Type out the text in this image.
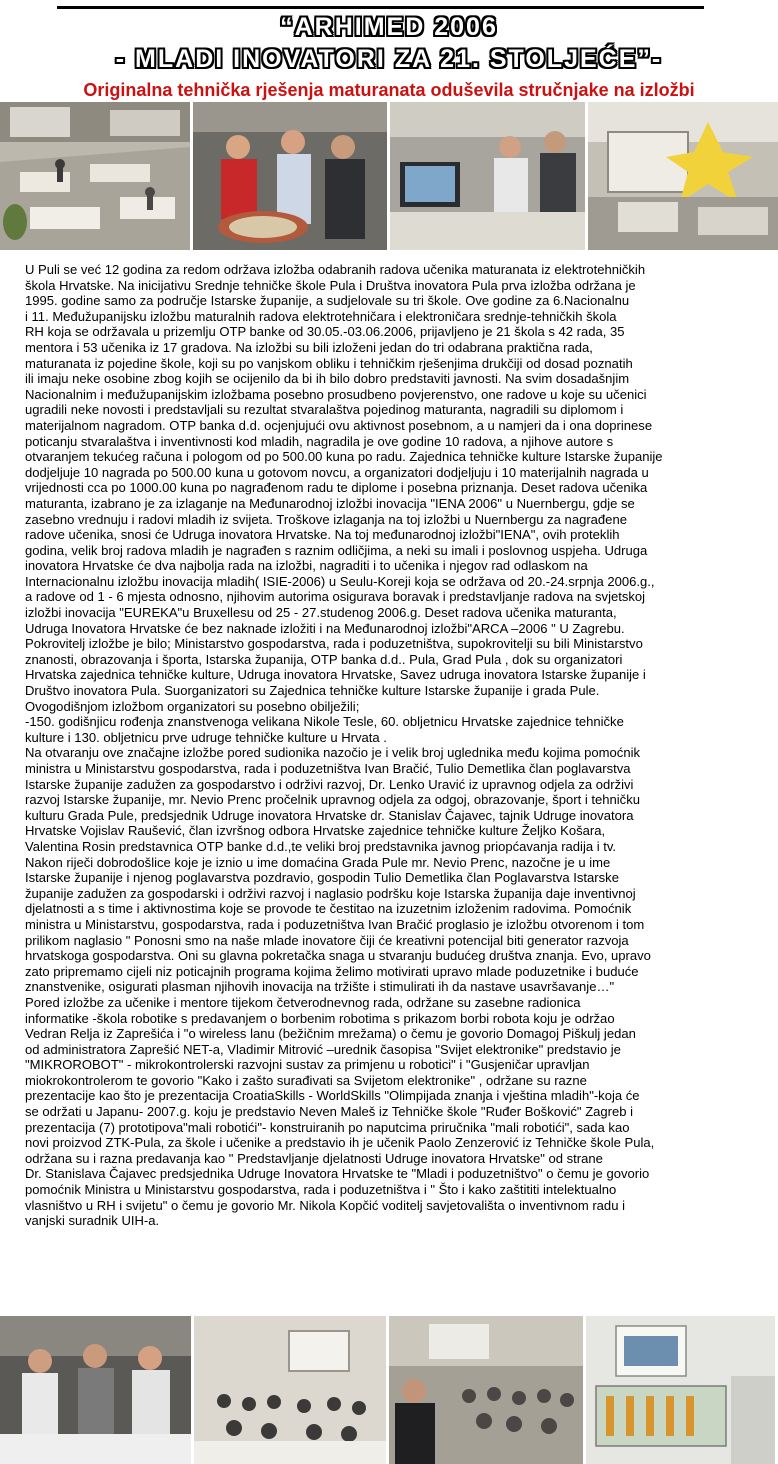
“ARHIMED 2006
- MLADI INOVATORI ZA 21. STOLJEĆE”-
Originalna tehnička rješenja maturanata oduševila stručnjake na izložbi

U Puli se već 12 godina za redom održava izložba odabranih radova učenika maturanata iz elektrotehničkih

škola Hrvatske. Na inicijativu Srednje tehničke škole Pula i Društva inovatora Pula prva izložba održana je

1995. godine samo za područje Istarske županije, a sudjelovale su tri škole. Ove godine za 6.Nacionalnu

i 11. Međužupanijsku izložbu maturalnih radova elektrotehničara i elektroničara srednje-tehničkih škola

RH koja se održavala u prizemlju OTP banke od 30.05.-03.06.2006, prijavljeno je 21 škola s 42 rada, 35

mentora i 53 učenika iz 17 gradova. Na izložbi su bili izloženi jedan do tri odabrana praktična rada,

maturanata iz pojedine škole, koji su po vanjskom obliku i tehničkim rješenjima drukčiji od dosad poznatih

ili imaju neke osobine zbog kojih se ocijenilo da bi ih bilo dobro predstaviti javnosti. Na svim dosadašnjim

Nacionalnim i međužupanijskim izložbama posebno prosudbeno povjerenstvo, one radove u koje su učenici

ugradili neke novosti i predstavljali su rezultat stvaralaštva pojedinog maturanta, nagradili su diplomom i

materijalnom nagradom. OTP banka d.d. ocjenjujući ovu aktivnost posebnom, a u namjeri da i ona doprinese

poticanju stvaralaštva i inventivnosti kod mladih, nagradila je ove godine 10 radova, a njihove autore s

otvaranjem tekućeg računa i pologom od po 500.00 kuna po radu. Zajednica tehničke kulture Istarske županije

dodjeljuje 10 nagrada po 500.00 kuna u gotovom novcu, a organizatori dodjeljuju i 10 materijalnih nagrada u

vrijednosti cca po 1000.00 kuna po nagrađenom radu te diplome i posebna priznanja. Deset radova učenika

maturanta, izabrano je za izlaganje na Međunarodnoj izložbi inovacija "IENA 2006" u Nuernbergu, gdje se

zasebno vrednuju i radovi mladih iz svijeta. Troškove izlaganja na toj izložbi u Nuernbergu za nagrađene

radove učenika, snosi će Udruga inovatora Hrvatske. Na toj međunarodnoj izložbi"IENA", ovih proteklih

godina, velik broj radova mladih je nagrađen s raznim odličjima, a neki su imali i poslovnog uspjeha. Udruga

inovatora Hrvatske će dva najbolja rada na izložbi, nagraditi i to učenika i njegov rad odlaskom na

Internacionalnu izložbu inovacija mladih( ISIE-2006) u Seulu-Koreji koja se održava od 20.-24.srpnja 2006.g.,

a radove od 1 - 6 mjesta odnosno, njihovim autorima osigurava boravak i predstavljanje radova na svjetskoj

izložbi inovacija "EUREKA"u Bruxellesu od 25 - 27.studenog 2006.g. Deset radova učenika maturanta,

Udruga Inovatora Hrvatske će bez naknade izložiti i na Međunarodnoj izložbi"ARCA –2006 " U Zagrebu.

Pokrovitelj izložbe je bilo; Ministarstvo gospodarstva, rada i poduzetništva, supokrovitelji su bili Ministarstvo

znanosti, obrazovanja i športa, Istarska županija, OTP banka d.d.. Pula, Grad Pula , dok su organizatori

Hrvatska zajednica tehničke kulture, Udruga inovatora Hrvatske, Savez udruga inovatora Istarske županije i

Društvo inovatora Pula. Suorganizatori su Zajednica tehničke kulture Istarske županije i grada Pule.

Ovogodišnjom izložbom organizatori su posebno obilježili;

-150. godišnjicu rođenja znanstvenoga velikana Nikole Tesle, 60. obljetnicu Hrvatske zajednice tehničke

kulture i 130. obljetnicu prve udruge tehničke kulture u Hrvata .

Na otvaranju ove značajne izložbe pored sudionika nazočio je i velik broj uglednika među kojima pomoćnik

ministra u Ministarstvu gospodarstva, rada i poduzetništva Ivan Bračić, Tulio Demetlika član poglavarstva

Istarske županije zadužen za gospodarstvo i održivi razvoj, Dr. Lenko Uravić iz upravnog odjela za održivi

razvoj Istarske županije, mr. Nevio Prenc pročelnik upravnog odjela za odgoj, obrazovanje, šport i tehničku

kulturu Grada Pule, predsjednik Udruge inovatora Hrvatske dr. Stanislav Čajavec, tajnik Udruge inovatora

Hrvatske Vojislav Raušević, član izvršnog odbora Hrvatske zajednice tehničke kulture Željko Košara,

Valentina Rosin predstavnica OTP banke d.d.,te veliki broj predstavnika javnog priopćavanja radija i tv.

Nakon riječi dobrodošlice koje je iznio u ime domaćina Grada Pule mr. Nevio Prenc, nazočne je u ime

Istarske županije i njenog poglavarstva pozdravio, gospodin Tulio Demetlika član Poglavarstva Istarske

županije zadužen za gospodarski i održivi razvoj i naglasio podršku koje Istarska županija daje inventivnoj

djelatnosti a s time i aktivnostima koje se provode te čestitao na izuzetnim izloženim radovima. Pomoćnik

ministra u Ministarstvu, gospodarstva, rada i poduzetništva Ivan Bračić proglasio je izložbu otvorenom i tom

prilikom naglasio " Ponosni smo na naše mlade inovatore čiji će kreativni potencijal biti generator razvoja

hrvatskoga gospodarstva. Oni su glavna pokretačka snaga u stvaranju budućeg društva znanja. Evo, upravo

zato pripremamo cijeli niz poticajnih programa kojima želimo motivirati upravo mlade poduzetnike i buduće

znanstvenike, osigurati plasman njihovih inovacija na tržište i stimulirati ih da nastave usavršavanje…"

Pored izložbe za učenike i mentore tijekom četverodnevnog rada, održane su zasebne radionica

informatike -škola robotike s predavanjem o borbenim robotima s prikazom borbi robota koju je održao

Vedran Relja iz Zaprešića i "o wireless lanu (bežičnim mrežama) o čemu je govorio Domagoj Piškulj jedan

od administratora Zaprešić NET-a, Vladimir Mitrović –urednik časopisa "Svijet elektronike" predstavio je

"MIKROROBOT" - mikrokontrolerski razvojni sustav za primjenu u robotici" i "Gusjeničar upravljan

miokrokontrolerom te govorio "Kako i zašto surađivati sa Svijetom elektronike" , održane su razne

prezentacije kao što je prezentacija CroatiaSkills - WorldSkills "Olimpijada znanja i vještina mladih"-koja će

se održati u Japanu- 2007.g. koju je predstavio Neven Maleš iz Tehničke škole "Ruđer Bošković" Zagreb i

prezentacija (7) prototipova"mali robotići"- konstruiranih po naputcima priručnika "mali robotići", sada kao

novi proizvod ZTK-Pula, za škole i učenike a predstavio ih je učenik Paolo Zenzerović iz Tehničke škole Pula,

održana su i razna predavanja kao " Predstavljanje djelatnosti Udruge inovatora Hrvatske" od strane

Dr. Stanislava Čajavec predsjednika Udruge Inovatora Hrvatske te "Mladi i poduzetništvo" o čemu je govorio

pomoćnik Ministra u Ministarstvu gospodarstva, rada i poduzetništva i " Što i kako zaštititi intelektualno

vlasništvo u RH i svijetu" o čemu je govorio Mr. Nikola Kopčić voditelj savjetovališta o inventivnom radu i

vanjski suradnik UIH-a.
